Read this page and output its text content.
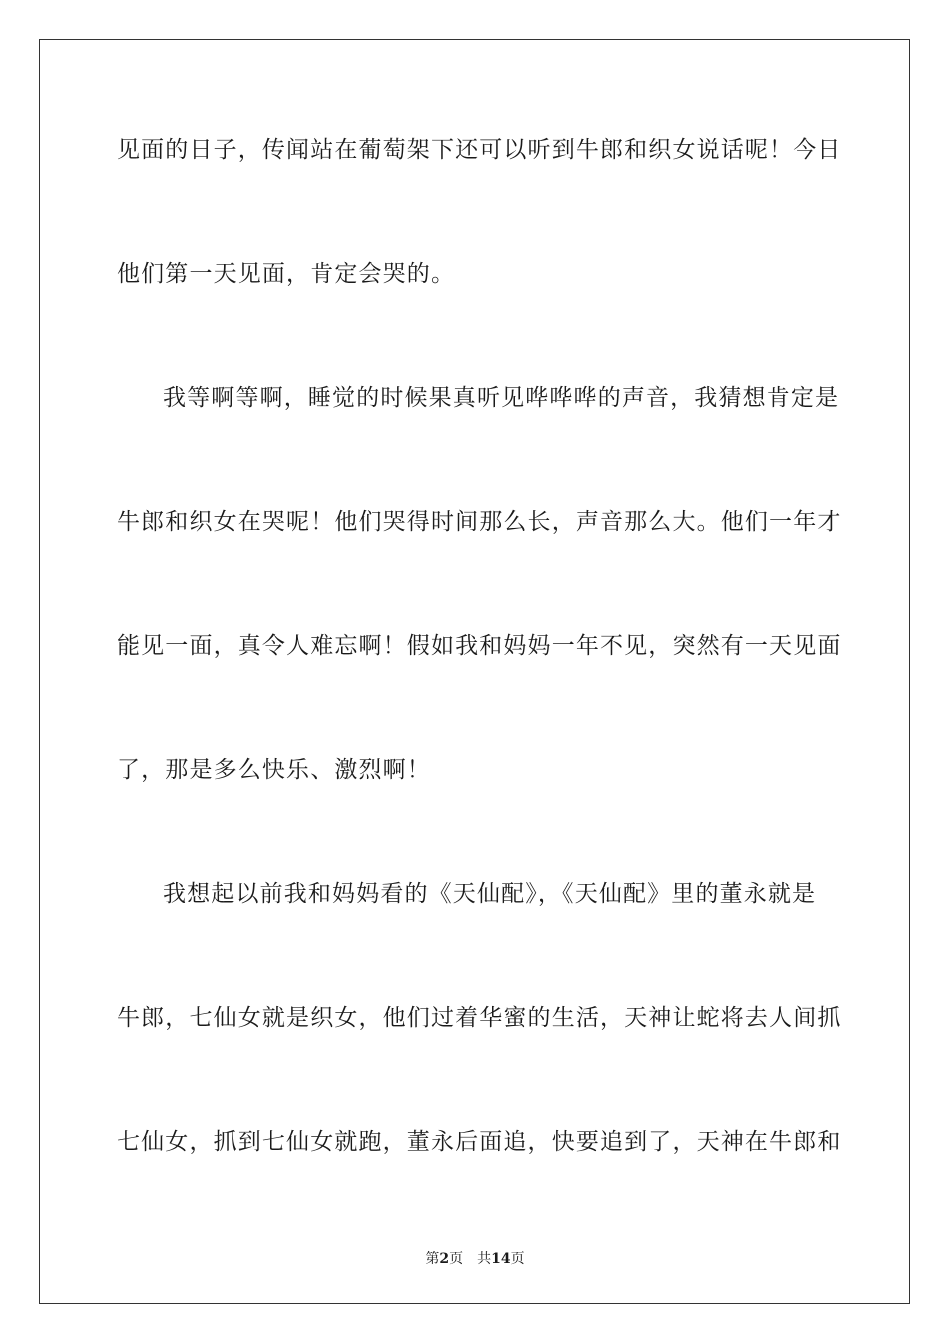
见面的日子，传闻站在葡萄架下还可以听到牛郎和织女说话呢！今日

他们第一天见面，肯定会哭的。

我等啊等啊，睡觉的时候果真听见哗哗哗的声音，我猜想肯定是

牛郎和织女在哭呢！他们哭得时间那么长，声音那么大。他们一年才

能见一面，真令人难忘啊！假如我和妈妈一年不见，突然有一天见面

了，那是多么快乐、激烈啊！

我想起以前我和妈妈看的《天仙配》，《天仙配》里的董永就是

牛郎，七仙女就是织女，他们过着华蜜的生活，天神让蛇将去人间抓

七仙女，抓到七仙女就跑，董永后面追，快要追到了，天神在牛郎和

第2页 共14页
